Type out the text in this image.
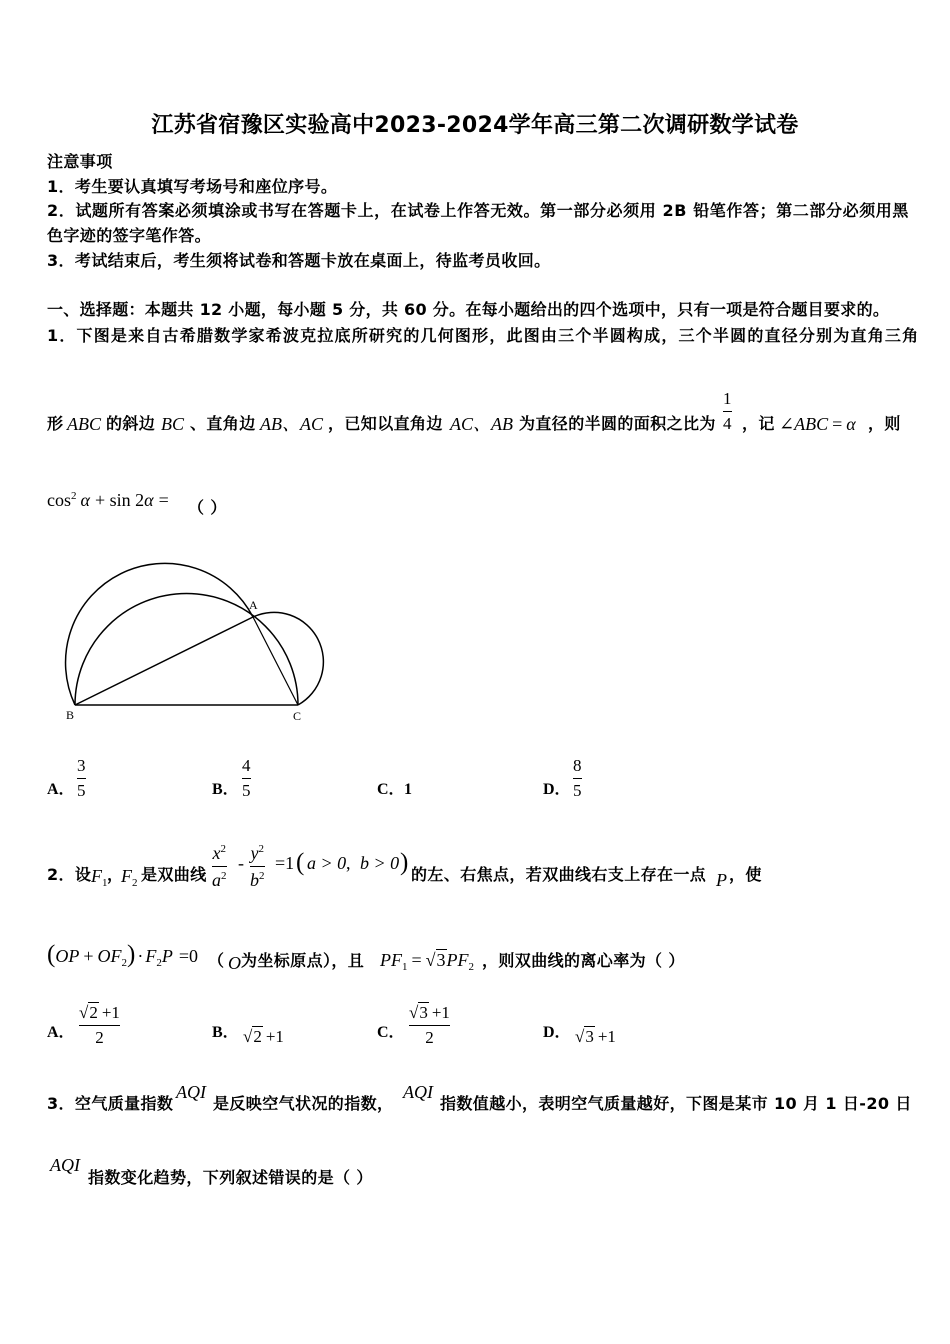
江苏省宿豫区实验高中2023-2024学年高三第二次调研数学试卷
注意事项
1．考生要认真填写考场号和座位序号。
2．试题所有答案必须填涂或书写在答题卡上，在试卷上作答无效。第一部分必须用 2B 铅笔作答；第二部分必须用黑
色字迹的签字笔作答。
3．考试结束后，考生须将试卷和答题卡放在桌面上，待监考员收回。
一、选择题：本题共 12 小题，每小题 5 分，共 60 分。在每小题给出的四个选项中，只有一项是符合题目要求的。
1．下图是来自古希腊数学家希波克拉底所研究的几何图形，此图由三个半圆构成，三个半圆的直径分别为直角三角
形 ABC 的斜边 BC 、直角边 AB、AC ，已知以直角边 AC、AB 为直径的半圆的面积之比为
1
4 ，记 ∠ABC = α ，则
$\cos^2 \alpha + \sin 2\alpha$ = （ ）
A
B	C
A．
3
5	B．
4
5	C． 1	D．
8
5
2．设 $F_1$ ，
$F_2$ 是双曲线
$x^2$
$a^2$
- $y^2$
$b^2$
=1 ( a > 0 , b > 0 ) 的左、右焦点，若双曲线右支上存在一点 P ，使
$(OP + OF_2) \cdot F_2P =0$ （ O 为坐标原点），且 $PF_1 = √3PF_2$ ，则双曲线的离心率为（ ）
A．
√2 +1
2	B． √2 +1	C．
√3 +1
2	D． √3 +1
3．空气质量指数
AQI
是反映空气状况的指数，
AQI
指数值越小，表明空气质量越好，下图是某市 10 月 1 日-20 日
AQI
指数变化趋势，下列叙述错误的是（ ）
